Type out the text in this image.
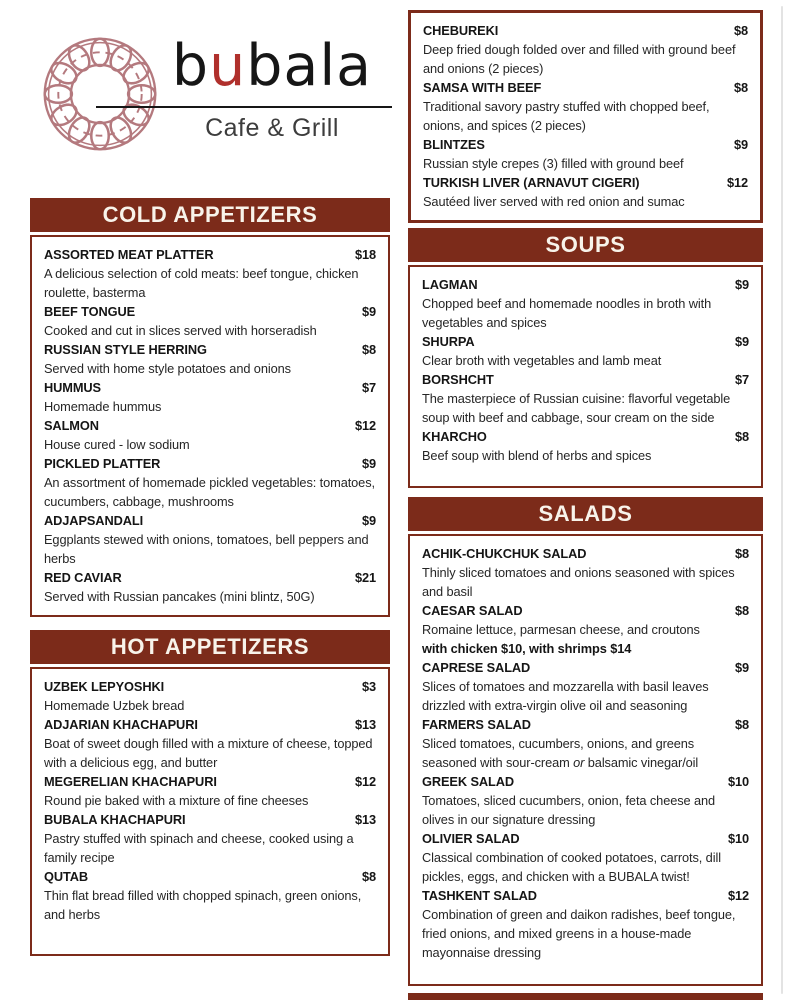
bubala
Cafe & Grill
COLD APPETIZERS
ASSORTED MEAT PLATTER	$18
A delicious selection of cold meats: beef tongue, chicken roulette, basterma
BEEF TONGUE	$9
Cooked and cut in slices served with horseradish
RUSSIAN STYLE HERRING	$8
Served with home style potatoes and onions
HUMMUS	$7
Homemade hummus
SALMON	$12
House cured - low sodium
PICKLED PLATTER	$9
An assortment of homemade pickled vegetables: tomatoes, cucumbers, cabbage, mushrooms
ADJAPSANDALI	$9
Eggplants stewed with onions, tomatoes, bell peppers and herbs
RED CAVIAR	$21
Served with Russian pancakes (mini blintz, 50G)
HOT APPETIZERS
UZBEK LEPYOSHKI	$3
Homemade Uzbek bread
ADJARIAN KHACHAPURI	$13
Boat of sweet dough filled with a mixture of cheese, topped with a delicious egg, and butter
MEGERELIAN KHACHAPURI	$12
Round pie baked with a mixture of fine cheeses
BUBALA KHACHAPURI	$13
Pastry stuffed with spinach and cheese, cooked using a family recipe
QUTAB	$8
Thin flat bread filled with chopped spinach, green onions, and herbs
CHEBUREKI	$8
Deep fried dough folded over and filled with ground beef and onions (2 pieces)
SAMSA WITH BEEF	$8
Traditional savory pastry stuffed with chopped beef, onions, and spices (2 pieces)
BLINTZES	$9
Russian style crepes (3) filled with ground beef
TURKISH LIVER (ARNAVUT CIGERI)	$12
Sautéed liver served with red onion and sumac
SOUPS
LAGMAN	$9
Chopped beef and homemade noodles in broth with vegetables and spices
SHURPA	$9
Clear broth with vegetables and lamb meat
BORSHCHT	$7
The masterpiece of Russian cuisine: flavorful vegetable soup with beef and cabbage, sour cream on the side
KHARCHO	$8
Beef soup with blend of herbs and spices
SALADS
ACHIK-CHUKCHUK SALAD	$8
Thinly sliced tomatoes and onions seasoned with spices and basil
CAESAR SALAD	$8
Romaine lettuce, parmesan cheese, and croutons
with chicken $10, with shrimps $14
CAPRESE SALAD	$9
Slices of tomatoes and mozzarella with basil leaves drizzled with extra-virgin olive oil and seasoning
FARMERS SALAD	$8
Sliced tomatoes, cucumbers, onions, and greens seasoned with sour-cream or balsamic vinegar/oil
GREEK SALAD	$10
Tomatoes, sliced cucumbers, onion, feta cheese and olives in our signature dressing
OLIVIER SALAD	$10
Classical combination of cooked potatoes, carrots, dill pickles, eggs, and chicken with a BUBALA twist!
TASHKENT SALAD	$12
Combination of green and daikon radishes, beef tongue, fried onions, and mixed greens in a house-made mayonnaise dressing
